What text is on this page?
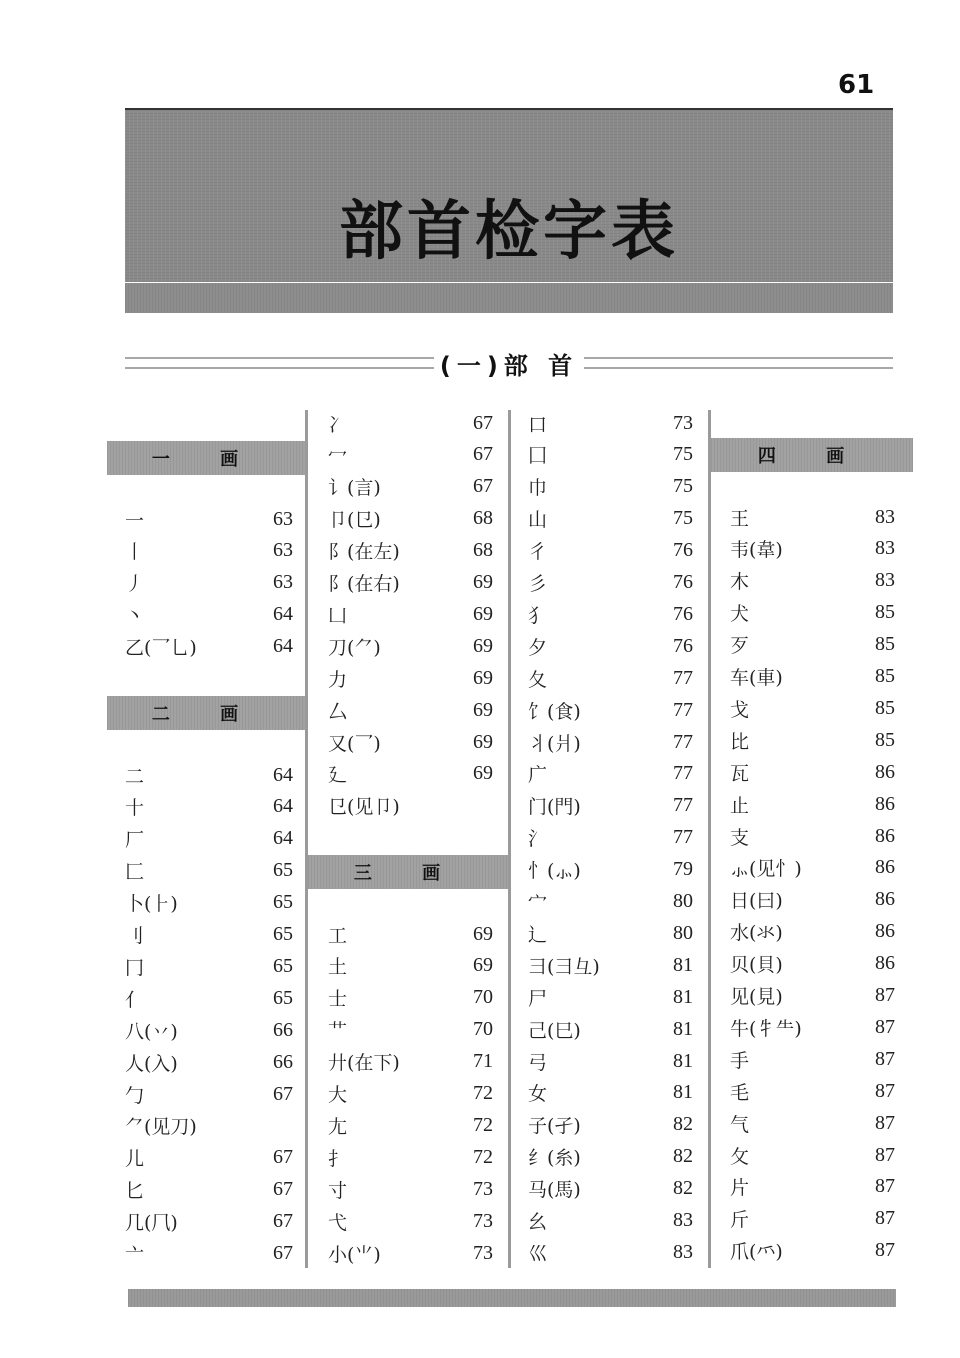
61
部首检字表
(一)部 首
一 画
一	63
丨	63
丿	63
丶	64
乙(乛乚)	64
二 画
二	64
十	64
厂	64
匚	65
卜(⺊)	65
刂	65
冂	65
亻	65
八(丷)	66
人(入)	66
勹	67
⺈(见刀)
儿	67
匕	67
几(⺇)	67
亠	67
冫	67
冖	67
讠(言)	67
卩(㔾)	68
阝(在左)	68
阝(在右)	69
凵	69
刀(⺈)	69
力	69
厶	69
又(⺂)	69
廴	69
㔾(见卩)
三 画
工	69
土	69
士	70
艹	70
廾(在下)	71
大	72
尢	72
扌	72
寸	73
弋	73
小(⺌)	73
口	73
囗	75
巾	75
山	75
彳	76
彡	76
犭	76
夕	76
夂	77
饣(食)	77
丬(爿)	77
广	77
门(門)	77
氵	77
忄(⺗)	79
宀	80
辶	80
彐(⺕彑)	81
尸	81
己(巳)	81
弓	81
女	81
子(孑)	82
纟(糸)	82
马(馬)	82
幺	83
巛	83
四 画
王	83
韦(韋)	83
木	83
犬	85
歹	85
车(車)	85
戈	85
比	85
瓦	86
止	86
支	86
⺗(见忄)	86
日(曰)	86
水(氺)	86
贝(貝)	86
见(見)	87
牛(牜⺧)	87
手	87
毛	87
气	87
攵	87
片	87
斤	87
爪(⺤)	87
